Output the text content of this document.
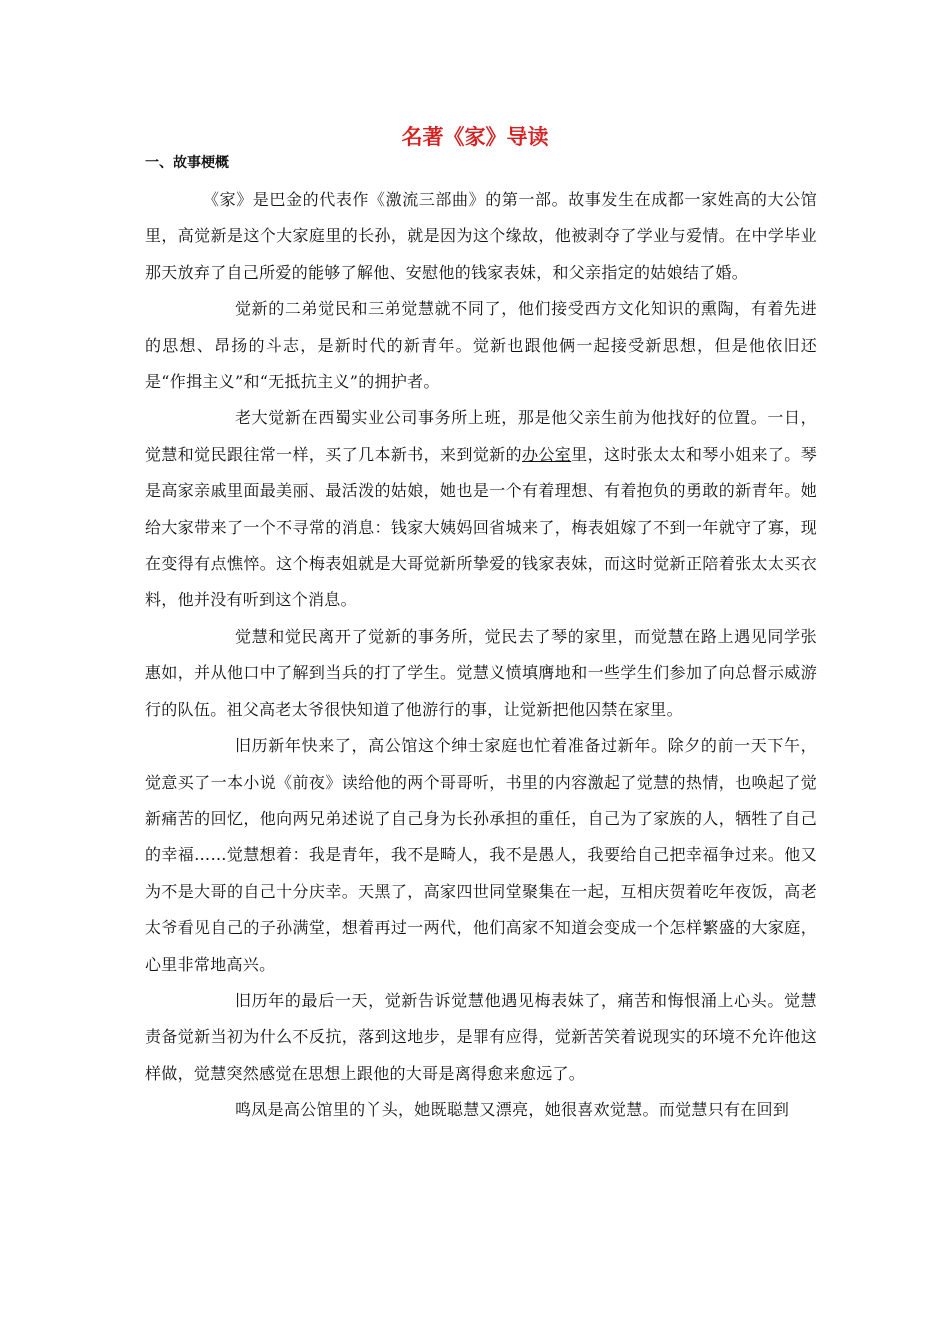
名著《家》导读
一、故事梗概

《家》是巴金的代表作《激流三部曲》的第一部。故事发生在成都一家姓高的大公馆里，高觉新是这个大家庭里的长孙，就是因为这个缘故，他被剥夺了学业与爱情。在中学毕业那天放弃了自己所爱的能够了解他、安慰他的钱家表妹，和父亲指定的姑娘结了婚。

觉新的二弟觉民和三弟觉慧就不同了，他们接受西方文化知识的熏陶，有着先进的思想、昂扬的斗志，是新时代的新青年。觉新也跟他俩一起接受新思想，但是他依旧还是“作揖主义”和“无抵抗主义”的拥护者。

老大觉新在西蜀实业公司事务所上班，那是他父亲生前为他找好的位置。一日，觉慧和觉民跟往常一样，买了几本新书，来到觉新的办公室里，这时张太太和琴小姐来了。琴是高家亲戚里面最美丽、最活泼的姑娘，她也是一个有着理想、有着抱负的勇敢的新青年。她给大家带来了一个不寻常的消息：钱家大姨妈回省城来了，梅表姐嫁了不到一年就守了寡，现在变得有点憔悴。这个梅表姐就是大哥觉新所挚爱的钱家表妹，而这时觉新正陪着张太太买衣料，他并没有听到这个消息。

觉慧和觉民离开了觉新的事务所，觉民去了琴的家里，而觉慧在路上遇见同学张惠如，并从他口中了解到当兵的打了学生。觉慧义愤填膺地和一些学生们参加了向总督示威游行的队伍。祖父高老太爷很快知道了他游行的事，让觉新把他囚禁在家里。

旧历新年快来了，高公馆这个绅士家庭也忙着准备过新年。除夕的前一天下午，觉意买了一本小说《前夜》读给他的两个哥哥听，书里的内容激起了觉慧的热情，也唤起了觉新痛苦的回忆，他向两兄弟述说了自己身为长孙承担的重任，自己为了家族的人，牺牲了自己的幸福……觉慧想着：我是青年，我不是畸人，我不是愚人，我要给自己把幸福争过来。他又为不是大哥的自己十分庆幸。天黑了，高家四世同堂聚集在一起，互相庆贺着吃年夜饭，高老太爷看见自己的子孙满堂，想着再过一两代，他们高家不知道会变成一个怎样繁盛的大家庭，心里非常地高兴。

旧历年的最后一天，觉新告诉觉慧他遇见梅表妹了，痛苦和悔恨涌上心头。觉慧责备觉新当初为什么不反抗，落到这地步，是罪有应得，觉新苦笑着说现实的环境不允许他这样做，觉慧突然感觉在思想上跟他的大哥是离得愈来愈远了。

鸣凤是高公馆里的丫头，她既聪慧又漂亮，她很喜欢觉慧。而觉慧只有在回到
